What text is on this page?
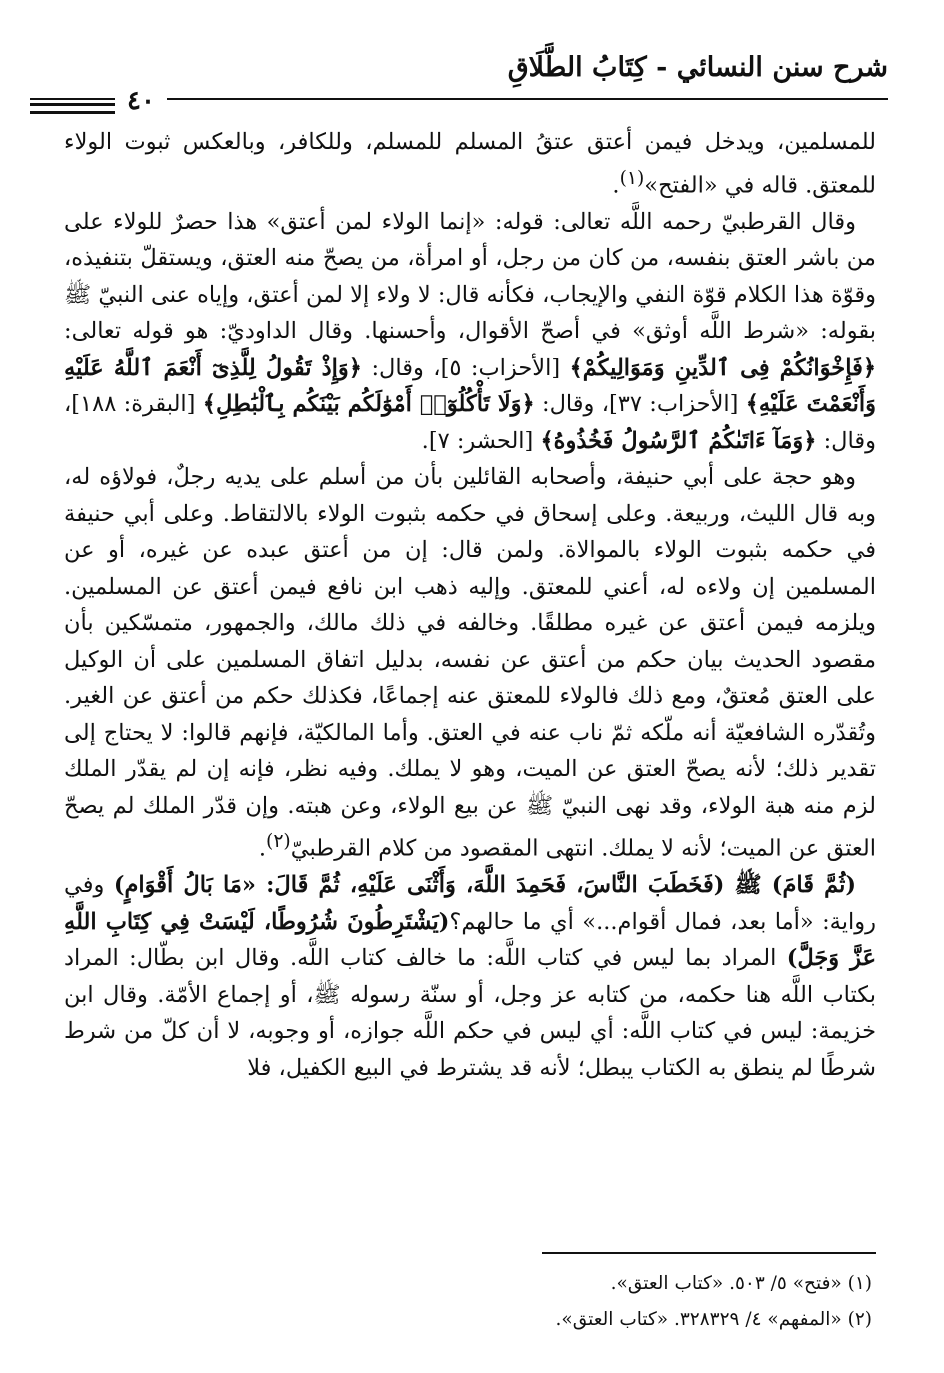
شرح سنن النسائي - كِتَابُ الطَّلَاقِ
٤٠

للمسلمين، ويدخل فيمن أعتق عتقُ المسلم للمسلم، وللكافر، وبالعكس ثبوت الولاء للمعتق. قاله في «الفتح»$^{(١)}$.

وقال القرطبيّ رحمه اللَّه تعالى: قوله: «إنما الولاء لمن أعتق» هذا حصرٌ للولاء على من باشر العتق بنفسه، من كان من رجل، أو امرأة، من يصحّ منه العتق، ويستقلّ بتنفيذه، وقوّة هذا الكلام قوّة النفي والإيجاب، فكأنه قال: لا ولاء إلا لمن أعتق، وإياه عنى النبيّ ﷺ بقوله: «شرط اللَّه أوثق» في أصحّ الأقوال، وأحسنها. وقال الداوديّ: هو قوله تعالى: ﴿فَإِخْوَانُكُمْ فِى ٱلدِّينِ وَمَوَالِيكُمْ﴾ [الأحزاب: ٥]، وقال: ﴿وَإِذْ تَقُولُ لِلَّذِىٓ أَنْعَمَ ٱللَّهُ عَلَيْهِ وَأَنْعَمْتَ عَلَيْهِ﴾ [الأحزاب: ٣٧]، وقال: ﴿وَلَا تَأْكُلُوٓا۟ أَمْوَٰلَكُم بَيْنَكُم بِٱلْبَٰطِلِ﴾ [البقرة: ١٨٨]، وقال: ﴿وَمَآ ءَاتَىٰكُمُ ٱلرَّسُولُ فَخُذُوهُ﴾ [الحشر: ٧].

وهو حجة على أبي حنيفة، وأصحابه القائلين بأن من أسلم على يديه رجلٌ، فولاؤه له، وبه قال الليث، وربيعة. وعلى إسحاق في حكمه بثبوت الولاء بالالتقاط. وعلى أبي حنيفة في حكمه بثبوت الولاء بالموالاة. ولمن قال: إن من أعتق عبده عن غيره، أو عن المسلمين إن ولاءه له، أعني للمعتق. وإليه ذهب ابن نافع فيمن أعتق عن المسلمين. ويلزمه فيمن أعتق عن غيره مطلقًا. وخالفه في ذلك مالك، والجمهور، متمسّكين بأن مقصود الحديث بيان حكم من أعتق عن نفسه، بدليل اتفاق المسلمين على أن الوكيل على العتق مُعتقٌ، ومع ذلك فالولاء للمعتق عنه إجماعًا، فكذلك حكم من أعتق عن الغير. وتُقدّره الشافعيّة أنه ملّكه ثمّ ناب عنه في العتق. وأما المالكيّة، فإنهم قالوا: لا يحتاج إلى تقدير ذلك؛ لأنه يصحّ العتق عن الميت، وهو لا يملك. وفيه نظر، فإنه إن لم يقدّر الملك لزم منه هبة الولاء، وقد نهى النبيّ ﷺ عن بيع الولاء، وعن هبته. وإن قدّر الملك لم يصحّ العتق عن الميت؛ لأنه لا يملك. انتهى المقصود من كلام القرطبيّ$^{(٢)}$.

(ثُمَّ قَامَ) ﷺ (فَخَطَبَ النَّاسَ، فَحَمِدَ اللَّهَ، وَأَثْنَى عَلَيْهِ، ثُمَّ قَالَ: «مَا بَالُ أَقْوَامٍ) وفي رواية: «أما بعد، فمال أقوام...» أي ما حالهم؟(يَشْتَرِطُونَ شُرُوطًا، لَيْسَتْ فِي كِتَابِ اللَّهِ عَزَّ وَجَلَّ) المراد بما ليس في كتاب اللَّه: ما خالف كتاب اللَّه. وقال ابن بطّال: المراد بكتاب اللَّه هنا حكمه، من كتابه عز وجل، أو سنّة رسوله ﷺ، أو إجماع الأمّة. وقال ابن خزيمة: ليس في كتاب اللَّه: أي ليس في حكم اللَّه جوازه، أو وجوبه، لا أن كلّ من شرط شرطًا لم ينطق به الكتاب يبطل؛ لأنه قد يشترط في البيع الكفيل، فلا

(١) «فتح» ٥/ ٥٠٣. «كتاب العتق».

(٢) «المفهم» ٤/ ٣٢٨٣٢٩. «كتاب العتق».
